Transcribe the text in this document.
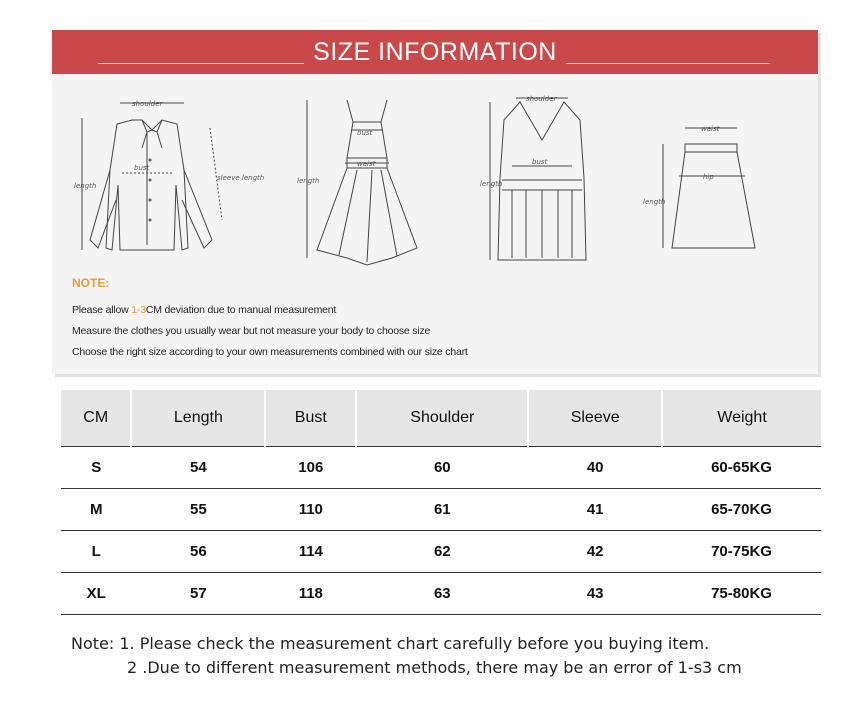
SIZE INFORMATION
shoulder
bust
length
sleeve length
bust
waist
length
shoulder
bust
length
waist
hip
length
NOTE:
Please allow 1-3CM deviation due to manual measurement
Measure the clothes you usually wear but not measure your body to choose size
Choose the right size according to your own measurements combined with our size chart
CM	Length	Bust	Shoulder	Sleeve	Weight
S	54	106	60	40	60-65KG
M	55	110	61	41	65-70KG
L	56	114	62	42	70-75KG
XL	57	118	63	43	75-80KG
Note: 1. Please check the measurement chart carefully before you buying item.
2 .Due to different measurement methods, there may be an error of 1-s3 cm
